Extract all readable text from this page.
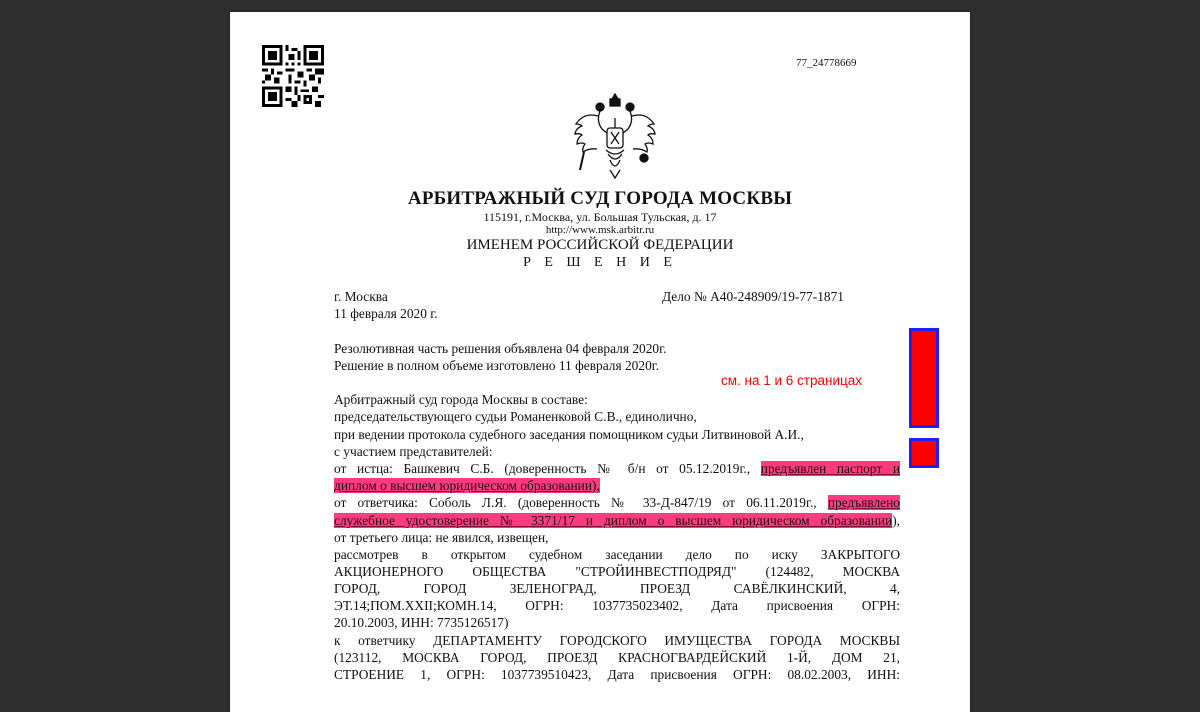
77_24778669
АРБИТРАЖНЫЙ СУД ГОРОДА МОСКВЫ
115191, г.Москва, ул. Большая Тульская, д. 17
http://www.msk.arbitr.ru
ИМЕНЕМ РОССИЙСКОЙ ФЕДЕРАЦИИ
Р Е Ш Е Н И Е
г. Москва	Дело № А40-248909/19-77-1871
11 февраля 2020 г.
Резолютивная часть решения объявлена 04 февраля 2020г.
Решение в полном объеме изготовлено 11 февраля 2020г.
Арбитражный суд города Москвы в составе:
председательствующего судьи Романенковой С.В., единолично,
при ведении протокола судебного заседания помощником судьи Литвиновой А.И.,
с участием представителей:
от истца: Башкевич С.Б. (доверенность № б/н от 05.12.2019г., предъявлен паспорт и
диплом о высшем юридическом образовании),
от ответчика: Соболь Л.Я. (доверенность № 33-Д-847/19 от 06.11.2019г., предъявлено
служебное удостоверение № 3371/17 и диплом о высшем юридическом образовании),
от третьего лица: не явился, извещен,
рассмотрев в открытом судебном заседании дело по иску ЗАКРЫТОГО
АКЦИОНЕРНОГО ОБЩЕСТВА "СТРОЙИНВЕСТПОДРЯД" (124482, МОСКВА
ГОРОД, ГОРОД ЗЕЛЕНОГРАД, ПРОЕЗД САВЁЛКИНСКИЙ, 4,
ЭТ.14;ПОМ.XXII;КОМН.14, ОГРН: 1037735023402, Дата присвоения ОГРН:
20.10.2003, ИНН: 7735126517)
к ответчику ДЕПАРТАМЕНТУ ГОРОДСКОГО ИМУЩЕСТВА ГОРОДА МОСКВЫ
(123112, МОСКВА ГОРОД, ПРОЕЗД КРАСНОГВАРДЕЙСКИЙ 1-Й, ДОМ 21,
СТРОЕНИЕ 1, ОГРН: 1037739510423, Дата присвоения ОГРН: 08.02.2003, ИНН:
см. на 1 и 6 страницах
